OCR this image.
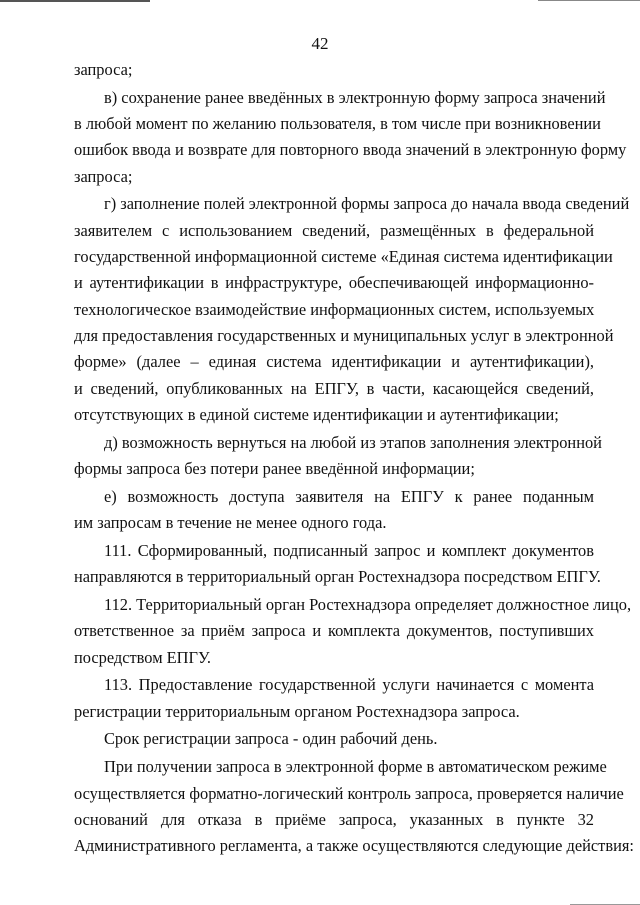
42
запроса;
в) сохранение ранее введённых в электронную форму запроса значений
в любой момент по желанию пользователя, в том числе при возникновении
ошибок ввода и возврате для повторного ввода значений в электронную форму
запроса;
г) заполнение полей электронной формы запроса до начала ввода сведений
заявителем с использованием сведений, размещённых в федеральной
государственной информационной системе «Единая система идентификации
и аутентификации в инфраструктуре, обеспечивающей информационно-
технологическое взаимодействие информационных систем, используемых
для предоставления государственных и муниципальных услуг в электронной
форме» (далее – единая система идентификации и аутентификации),
и сведений, опубликованных на ЕПГУ, в части, касающейся сведений,
отсутствующих в единой системе идентификации и аутентификации;
д) возможность вернуться на любой из этапов заполнения электронной
формы запроса без потери ранее введённой информации;
е) возможность доступа заявителя на ЕПГУ к ранее поданным
им запросам в течение не менее одного года.
111. Сформированный, подписанный запрос и комплект документов
направляются в территориальный орган Ростехнадзора посредством ЕПГУ.
112. Территориальный орган Ростехнадзора определяет должностное лицо,
ответственное за приём запроса и комплекта документов, поступивших
посредством ЕПГУ.
113. Предоставление государственной услуги начинается с момента
регистрации территориальным органом Ростехнадзора запроса.
Срок регистрации запроса - один рабочий день.
При получении запроса в электронной форме в автоматическом режиме
осуществляется форматно-логический контроль запроса, проверяется наличие
оснований для отказа в приёме запроса, указанных в пункте 32
Административного регламента, а также осуществляются следующие действия:
